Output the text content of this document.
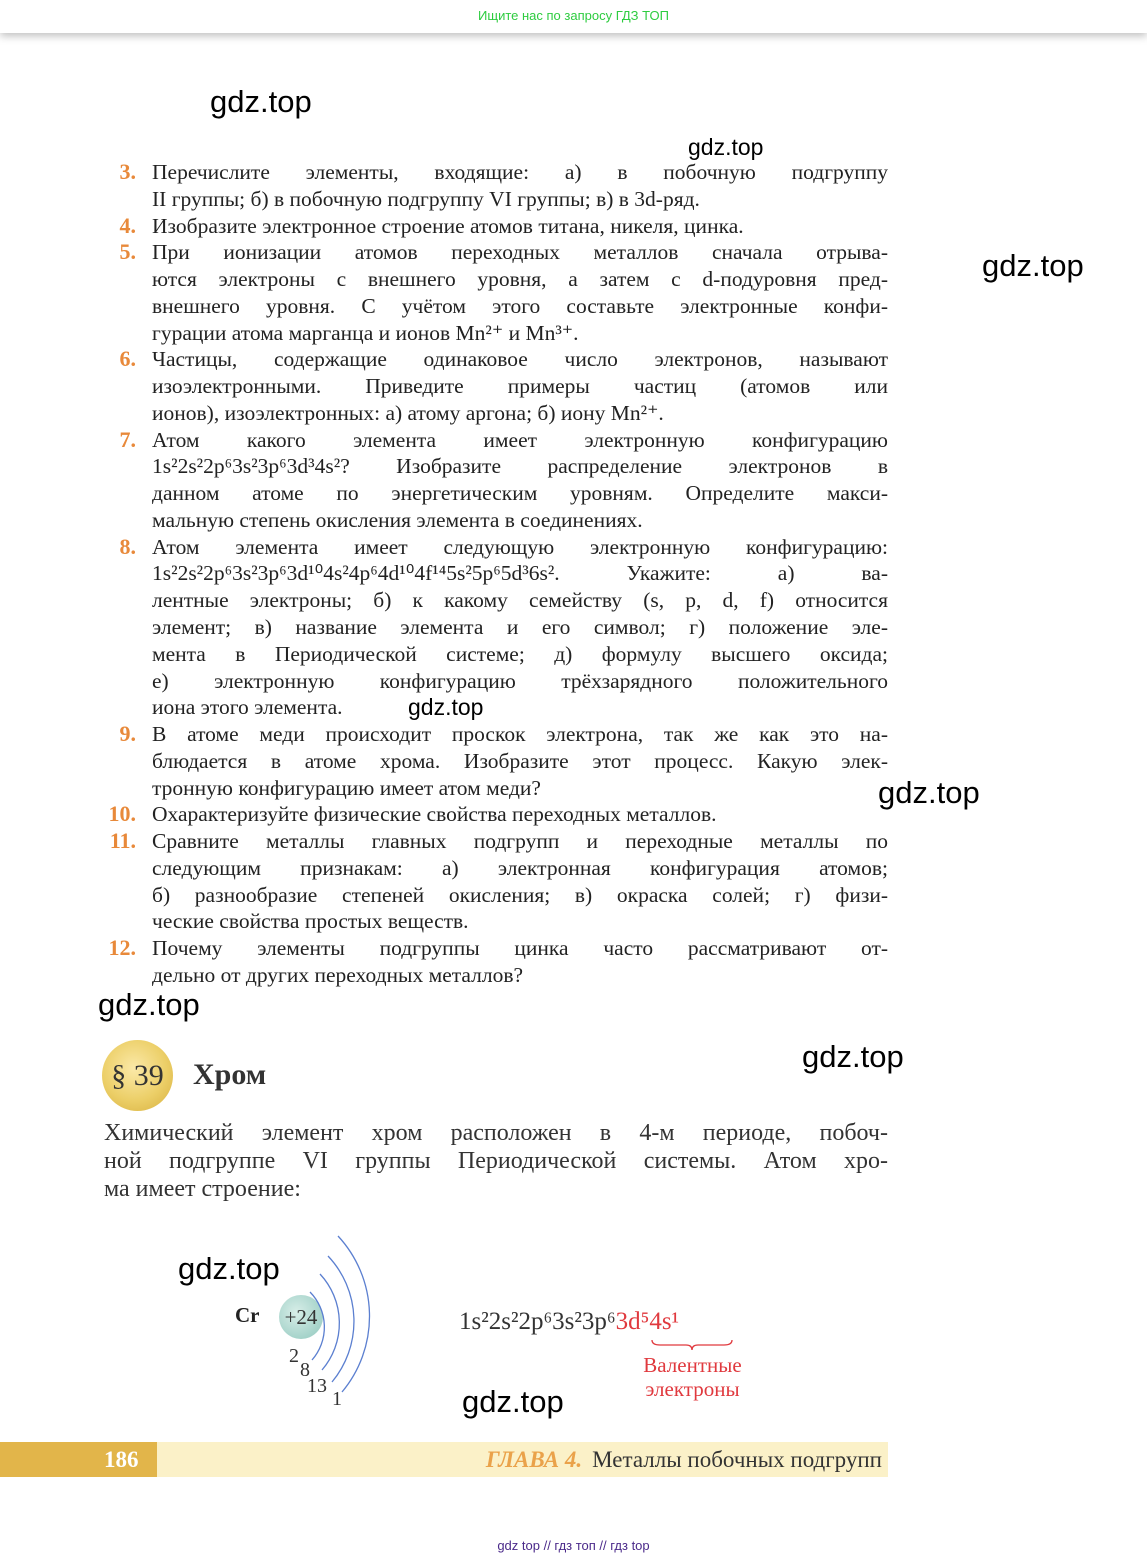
Ищите нас по запросу ГДЗ ТОП
3. Перечислите элементы, входящие: а) в побочную подгруппу
II группы; б) в побочную подгруппу VI группы; в) в 3d-ряд.
4. Изобразите электронное строение атомов титана, никеля, цинка.
5. При ионизации атомов переходных металлов сначала отрыва-
ются электроны с внешнего уровня, а затем с d-подуровня пред-
внешнего уровня. С учётом этого составьте электронные конфи-
гурации атома марганца и ионов Mn²⁺ и Mn³⁺.
6. Частицы, содержащие одинаковое число электронов, называют
изоэлектронными. Приведите примеры частиц (атомов или
ионов), изоэлектронных: а) атому аргона; б) иону Mn²⁺.
7. Атом какого элемента имеет электронную конфигурацию
1s²2s²2p⁶3s²3p⁶3d³4s²? Изобразите распределение электронов в
данном атоме по энергетическим уровням. Определите макси-
мальную степень окисления элемента в соединениях.
8. Атом элемента имеет следующую электронную конфигурацию:
1s²2s²2p⁶3s²3p⁶3d¹⁰4s²4p⁶4d¹⁰4f¹⁴5s²5p⁶5d³6s². Укажите: а) ва-
лентные электроны; б) к какому семейству (s, p, d, f) относится
элемент; в) название элемента и его символ; г) положение эле-
мента в Периодической системе; д) формулу высшего оксида;
е) электронную конфигурацию трёхзарядного положительного
иона этого элемента.
9. В атоме меди происходит проскок электрона, так же как это на-
блюдается в атоме хрома. Изобразите этот процесс. Какую элек-
тронную конфигурацию имеет атом меди?
10. Охарактеризуйте физические свойства переходных металлов.
11. Сравните металлы главных подгрупп и переходные металлы по
следующим признакам: а) электронная конфигурация атомов;
б) разнообразие степеней окисления; в) окраска солей; г) физи-
ческие свойства простых веществ.
12. Почему элементы подгруппы цинка часто рассматривают от-
дельно от других переходных металлов?
§ 39 Хром
Химический элемент хром расположен в 4-м периоде, побоч-
ной подгруппе VI группы Периодической системы. Атом хро-
ма имеет строение:
Cr +24
2
8
13
1
1s²2s²2p⁶3s²3p⁶3d⁵4s¹
Валентные
электроны
186	ГЛАВА 4. Металлы побочных подгрупп
gdz top // гдз топ // гдз top
gdz.top
gdz.top
gdz.top
gdz.top
gdz.top
gdz.top
gdz.top
gdz.top
gdz.top
